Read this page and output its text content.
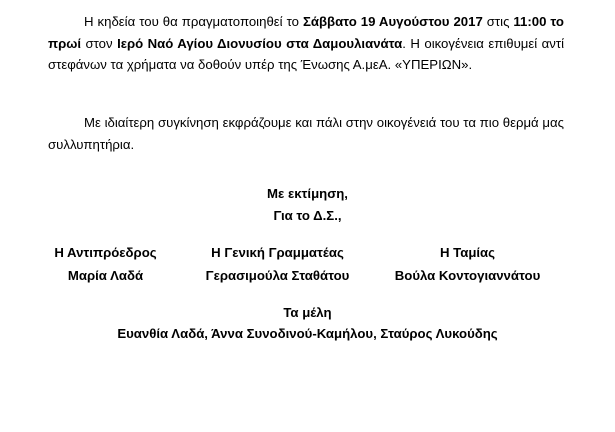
Η κηδεία του θα πραγματοποιηθεί το Σάββατο 19 Αυγούστου 2017 στις 11:00 το πρωί στον Ιερό Ναό Αγίου Διονυσίου στα Δαμουλιανάτα. Η οικογένεια επιθυμεί αντί στεφάνων τα χρήματα να δοθούν υπέρ της Ένωσης Α.μεΑ. «ΥΠΕΡΙΩΝ».

Με ιδιαίτερη συγκίνηση εκφράζουμε και πάλι στην οικογένειά του τα πιο θερμά μας συλλυπητήρια.

Με εκτίμηση,
Για το Δ.Σ.,
Η Αντιπρόεδρος
Μαρία Λαδά
Η Γενική Γραμματέας
Γερασιμούλα Σταθάτου
Η Ταμίας
Βούλα Κοντογιαννάτου
Τα μέλη
Ευανθία Λαδά, Άννα Συνοδινού-Καμήλου, Σταύρος Λυκούδης
